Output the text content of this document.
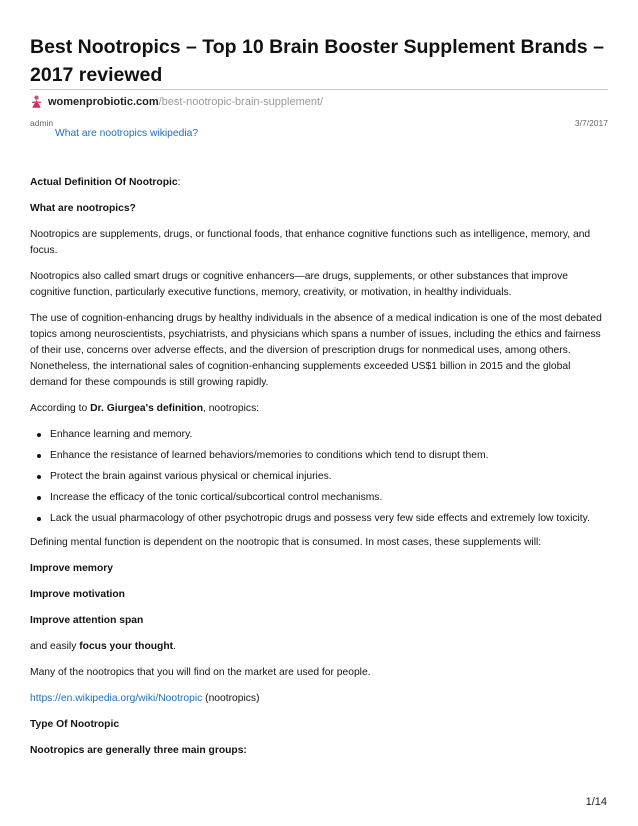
Best Nootropics – Top 10 Brain Booster Supplement Brands – 2017 reviewed
womenprobiotic.com /best-nootropic-brain-supplement/
admin	3/7/2017
What are nootropics wikipedia?

Actual Definition Of Nootropic:

What are nootropics?

Nootropics are supplements, drugs, or functional foods, that enhance cognitive functions such as intelligence, memory, and focus.

Nootropics also called smart drugs or cognitive enhancers—are drugs, supplements, or other substances that improve cognitive function, particularly executive functions, memory, creativity, or motivation, in healthy individuals.

The use of cognition-enhancing drugs by healthy individuals in the absence of a medical indication is one of the most debated topics among neuroscientists, psychiatrists, and physicians which spans a number of issues, including the ethics and fairness of their use, concerns over adverse effects, and the diversion of prescription drugs for nonmedical uses, among others. Nonetheless, the international sales of cognition-enhancing supplements exceeded US$1 billion in 2015 and the global demand for these compounds is still growing rapidly.

According to Dr. Giurgea's definition, nootropics:

Enhance learning and memory.
Enhance the resistance of learned behaviors/memories to conditions which tend to disrupt them.
Protect the brain against various physical or chemical injuries.
Increase the efficacy of the tonic cortical/subcortical control mechanisms.
Lack the usual pharmacology of other psychotropic drugs and possess very few side effects and extremely low toxicity.

Defining mental function is dependent on the nootropic that is consumed. In most cases, these supplements will:

Improve memory

Improve motivation

Improve attention span

and easily focus your thought.

Many of the nootropics that you will find on the market are used for people.

https://en.wikipedia.org/wiki/Nootropic (nootropics)

Type Of Nootropic

Nootropics are generally three main groups:

1/14
